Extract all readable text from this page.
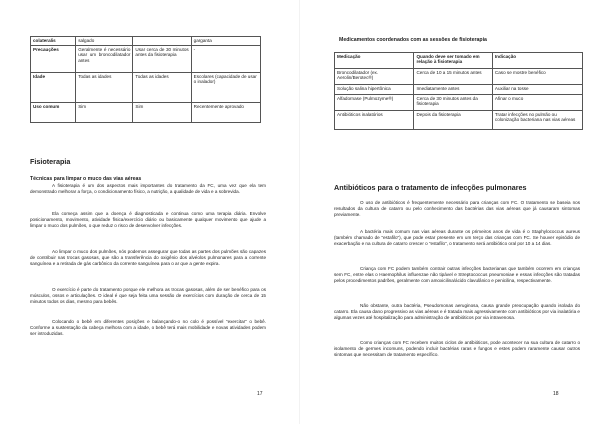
colateralis	salgado		garganta
Precauções	Geralmente é necessário usar um broncodilatador antes	Usar cerca de 30 minutos antes da fisioterapia	-
Idade	Todas as idades	Todas as idades	Escolares (capacidade de usar o inalador)
Uso comum	Sim	Sim	Recentemente aprovado
Fisioterapia
Técnicas para limpar o muco das vias aéreas

A fisioterapia é um dos aspectos mais importantes do tratamento da FC, uma vez que ela tem demonstrado melhorar a força, o condicionamento físico, a nutrição, a qualidade de vida e a sobrevida.

Ela começa assim que a doença é diagnosticada e continua como uma terapia diária. Envolve posicionamento, movimento, atividade física/exercício diário ou basicamente qualquer movimento que ajude a limpar o muco dos pulmões, o que reduz o risco de desenvolver infecções.

Ao limpar o muco dos pulmões, nós podemos assegurar que todas as partes dos pulmões são capazes de contribuir nas trocas gasosas, que são a transferência do oxigênio dos alvéolos pulmonares para a corrente sanguínea e a retirada de gás carbônico da corrente sanguínea para o ar que a gente expira.

O exercício é parte do tratamento porque ele melhora as trocas gasosas, além de ser benéfico para os músculos, ossos e articulações. O ideal é que seja feita uma sessão de exercícios com duração de cerca de 15 minutos todos os dias, mesmo para bebês.

Colocando o bebê em diferentes posições e balançando-o no colo é possível “exercitar” o bebê. Conforme a sustentação da cabeça melhora com a idade, o bebê terá mais mobilidade e novas atividades podem ser introduzidas.

17
Medicamentos coordenados com as sessões de fisioterapia
Medicação	Quando deve ser tomado em relação à fisioterapia	Indicação
Broncodilatador (ex. Aerolin/Berotec®)	Cerca de 10 a 15 minutos antes	Caso se mostre benéfico
Solução salina hipertônica	Imediatamente antes	Auxiliar na tosse
Alfadornase (Pulmozyme®)	Cerca de 30 minutos antes da fisioterapia	Afinar o muco
Antibióticos inalatórios	Depois da fisioterapia	Tratar infecções no pulmão ou colonização bacteriana nas vias aéreas
Antibióticos para o tratamento de infecções pulmonares

O uso de antibióticos é frequentemente necessário para crianças com FC. O tratamento se baseia nos resultados da cultura de catarro ou pelo conhecimento das bactérias das vias aéreas que já causaram sintomas previamente.

A bactéria mais comum nas vias aéreas durante os primeiros anos de vida é o Staphylococcus aureus (também chamado de “estafilo”), que pode estar presente em um terço das crianças com FC. Se houver episódio de exacerbação e na cultura de catarro crescer o “estafilo”, o tratamento será antibiótico oral por 10 a 14 dias.

Criança com FC podem também contrair outras infecções bacterianas que também ocorrem em crianças sem FC, entre elas o Haemophilus influenzae não tipável e Streptococcus pneumoniae e essas infecções são tratadas pelos procedimentos padrões, geralmente com amoxicilina/ácido clavulânico e penicilina, respectivamente.

Não obstante, outra bactéria, Pseudomonas aeruginosa, causa grande preocupação quando isolada do catarro. Ela causa dano progressivo as vias aéreas e é tratada mais agressivamente com antibióticos por via inalatória e algumas vezes até hospitalização para administração de antibióticos por via intravenosa.

Como crianças com FC recebem muitos ciclos de antibióticos, pode acontecer na sua cultura de catarro o isolamento de germes incomuns, podendo incluir bactérias raras e fungos e estes podem raramente causar outros sintomas que necessitam de tratamento específico.

18
